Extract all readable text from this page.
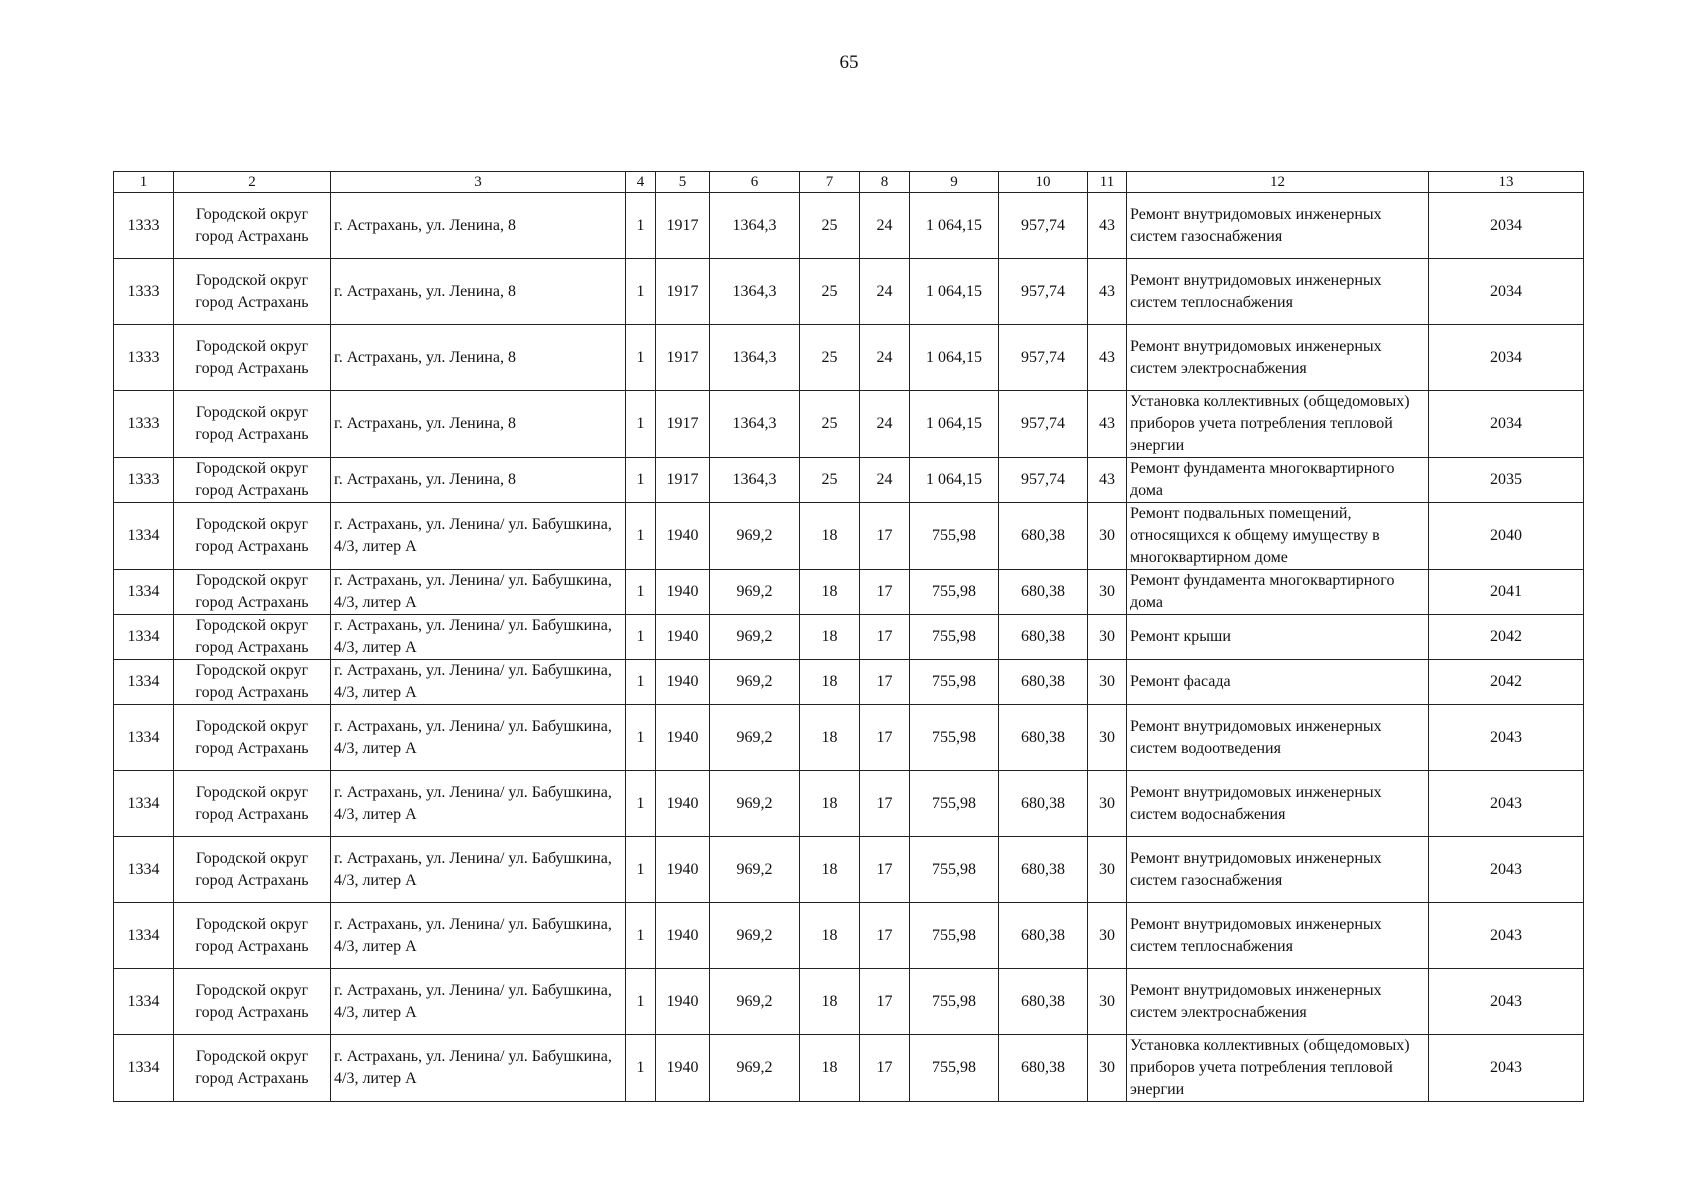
65
1	2	3	4	5	6	7	8	9	10	11	12	13

1333	Городской округ город Астрахань	г. Астрахань, ул. Ленина, 8	1	1917	1364,3	25	24	1 064,15	957,74	43	Ремонт внутридомовых инженерных систем газоснабжения	2034

1333	Городской округ город Астрахань	г. Астрахань, ул. Ленина, 8	1	1917	1364,3	25	24	1 064,15	957,74	43	Ремонт внутридомовых инженерных систем теплоснабжения	2034

1333	Городской округ город Астрахань	г. Астрахань, ул. Ленина, 8	1	1917	1364,3	25	24	1 064,15	957,74	43	Ремонт внутридомовых инженерных систем электроснабжения	2034

1333	Городской округ город Астрахань	г. Астрахань, ул. Ленина, 8	1	1917	1364,3	25	24	1 064,15	957,74	43	Установка коллективных (общедомовых) приборов учета потребления тепловой энергии	2034

1333	Городской округ город Астрахань	г. Астрахань, ул. Ленина, 8	1	1917	1364,3	25	24	1 064,15	957,74	43	Ремонт фундамента многоквартирного дома	2035

1334	Городской округ город Астрахань	г. Астрахань, ул. Ленина/ ул. Бабушкина, 4/3, литер А	1	1940	969,2	18	17	755,98	680,38	30	Ремонт подвальных помещений, относящихся к общему имуществу в многоквартирном доме	2040

1334	Городской округ город Астрахань	г. Астрахань, ул. Ленина/ ул. Бабушкина, 4/3, литер А	1	1940	969,2	18	17	755,98	680,38	30	Ремонт фундамента многоквартирного дома	2041

1334	Городской округ город Астрахань	г. Астрахань, ул. Ленина/ ул. Бабушкина, 4/3, литер А	1	1940	969,2	18	17	755,98	680,38	30	Ремонт крыши	2042

1334	Городской округ город Астрахань	г. Астрахань, ул. Ленина/ ул. Бабушкина, 4/3, литер А	1	1940	969,2	18	17	755,98	680,38	30	Ремонт фасада	2042

1334	Городской округ город Астрахань	г. Астрахань, ул. Ленина/ ул. Бабушкина, 4/3, литер А	1	1940	969,2	18	17	755,98	680,38	30	Ремонт внутридомовых инженерных систем водоотведения	2043

1334	Городской округ город Астрахань	г. Астрахань, ул. Ленина/ ул. Бабушкина, 4/3, литер А	1	1940	969,2	18	17	755,98	680,38	30	Ремонт внутридомовых инженерных систем водоснабжения	2043

1334	Городской округ город Астрахань	г. Астрахань, ул. Ленина/ ул. Бабушкина, 4/3, литер А	1	1940	969,2	18	17	755,98	680,38	30	Ремонт внутридомовых инженерных систем газоснабжения	2043

1334	Городской округ город Астрахань	г. Астрахань, ул. Ленина/ ул. Бабушкина, 4/3, литер А	1	1940	969,2	18	17	755,98	680,38	30	Ремонт внутридомовых инженерных систем теплоснабжения	2043

1334	Городской округ город Астрахань	г. Астрахань, ул. Ленина/ ул. Бабушкина, 4/3, литер А	1	1940	969,2	18	17	755,98	680,38	30	Ремонт внутридомовых инженерных систем электроснабжения	2043

1334	Городской округ город Астрахань	г. Астрахань, ул. Ленина/ ул. Бабушкина, 4/3, литер А	1	1940	969,2	18	17	755,98	680,38	30	Установка коллективных (общедомовых) приборов учета потребления тепловой энергии	2043
